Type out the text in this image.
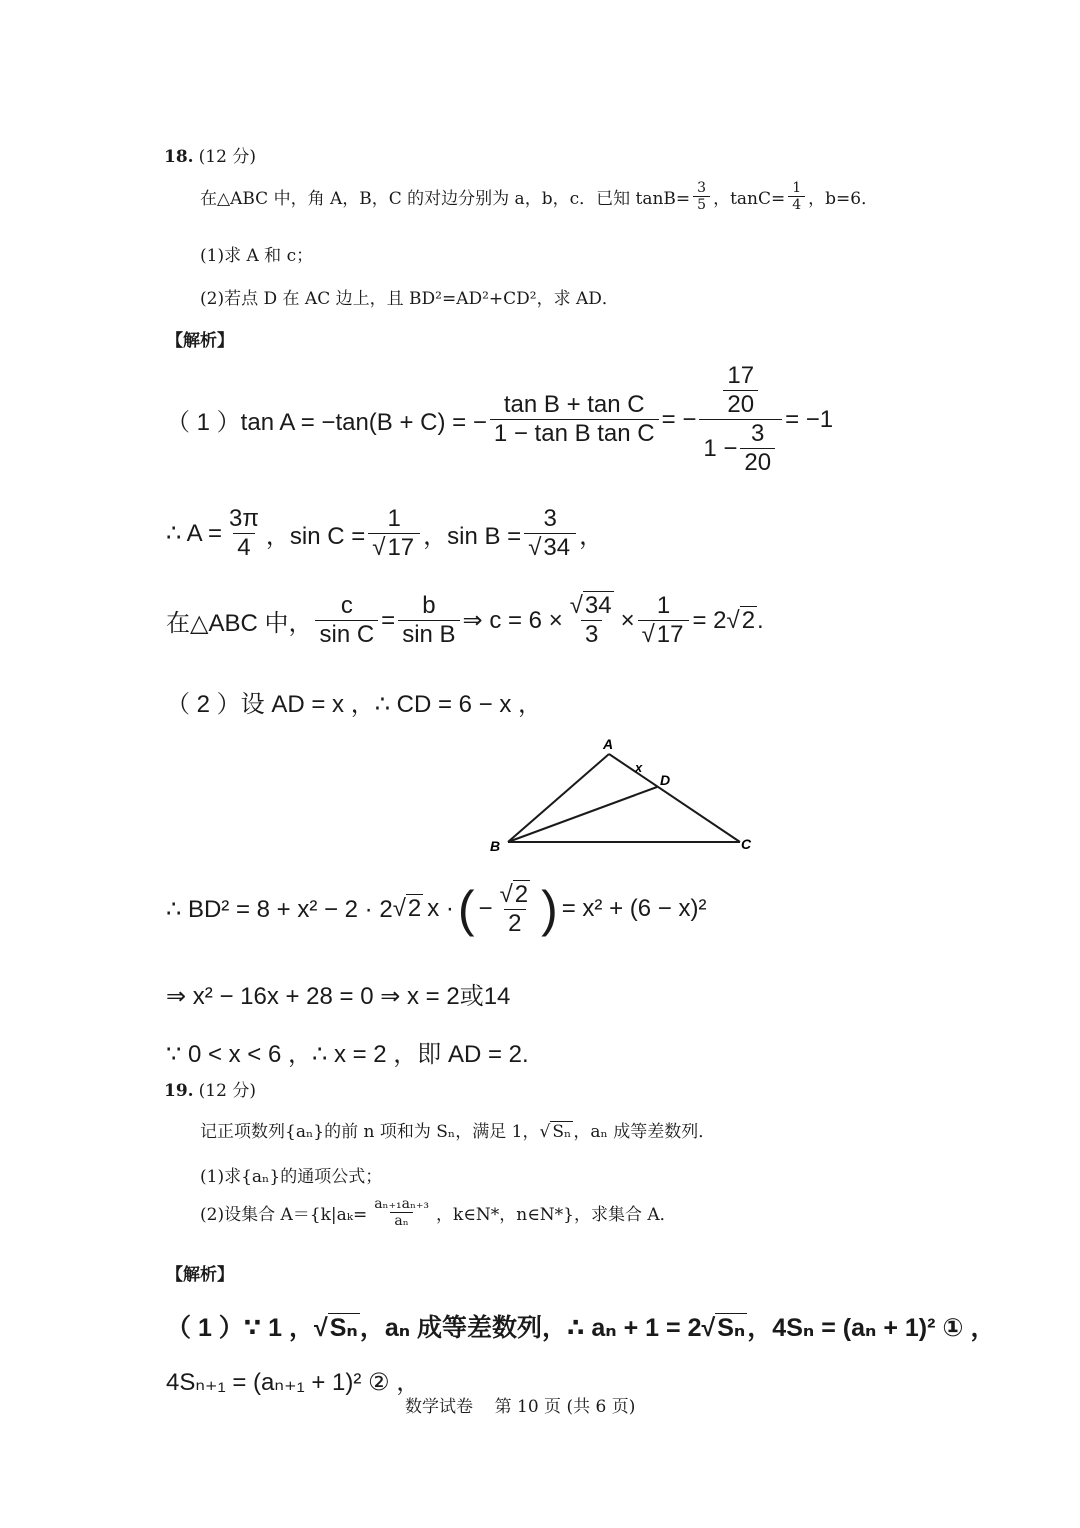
18. (12 分)
在△ABC 中，角 A，B，C 的对边分别为 a，b，c．已知 $\tan B= \frac{3}{5}$ ，$\tan C= \frac{1}{4}$ ，b=6．
(1)求 A 和 c；
(2)若点 D 在 AC 边上，且 BD²=AD²+CD²，求 AD．
【解析】
（ 1 ）tan A = −tan(B + C) = − $\frac{\text{tan B + tan C}}{\text{1 − tan B tan C}}$ = − $\frac{\frac{17}{20}}{1 - \frac{3}{20}} = -1$
∴ $A = \frac{3\pi}{4}$ ，$\sin C = \frac{1}{√17}$ ，$\sin B = \frac{3}{√34}$ ，
在△ABC 中， $\frac{c}{\text{sin C}} = \frac{b}{\text{sin B}}$ ⇒ $c = 6 \times \frac{√34}{3} \times \frac{1}{√17} = 2$ √2 .
（ 2 ）设 AD = x ，∴ CD = 6 − x ，
A
x
D
B	C
∴ BD² = 8 + x² − 2 · 2 √2 x · ( − $\frac{√2}{2}$ ) = x² + (6 − x)²
⇒ x² − 16x + 28 = 0 ⇒ x = 2或14
∵ 0 < x < 6 ，∴ x = 2 ，即 AD = 2.
19. (12 分)
记正项数列{aₙ}的前 n 项和为 Sₙ，满足 1，√ Sₙ ，aₙ 成等差数列．
(1)求{aₙ}的通项公式；
(2)设集合 $A=\{k|a_k= \frac{\text{aₙ₊₁aₙ₊₃}}{\text{aₙ}}$ ，k∈N*，n∈N*}，求集合 A．
【解析】
（ 1 ）∵ 1 ，√Sₙ，aₙ 成等差数列，∴ aₙ + 1 = 2√Sₙ，4Sₙ = (aₙ + 1)² ① ，
4Sₙ₊₁ = (aₙ₊₁ + 1)² ② ，
数学试卷    第 10 页 (共 6 页)
